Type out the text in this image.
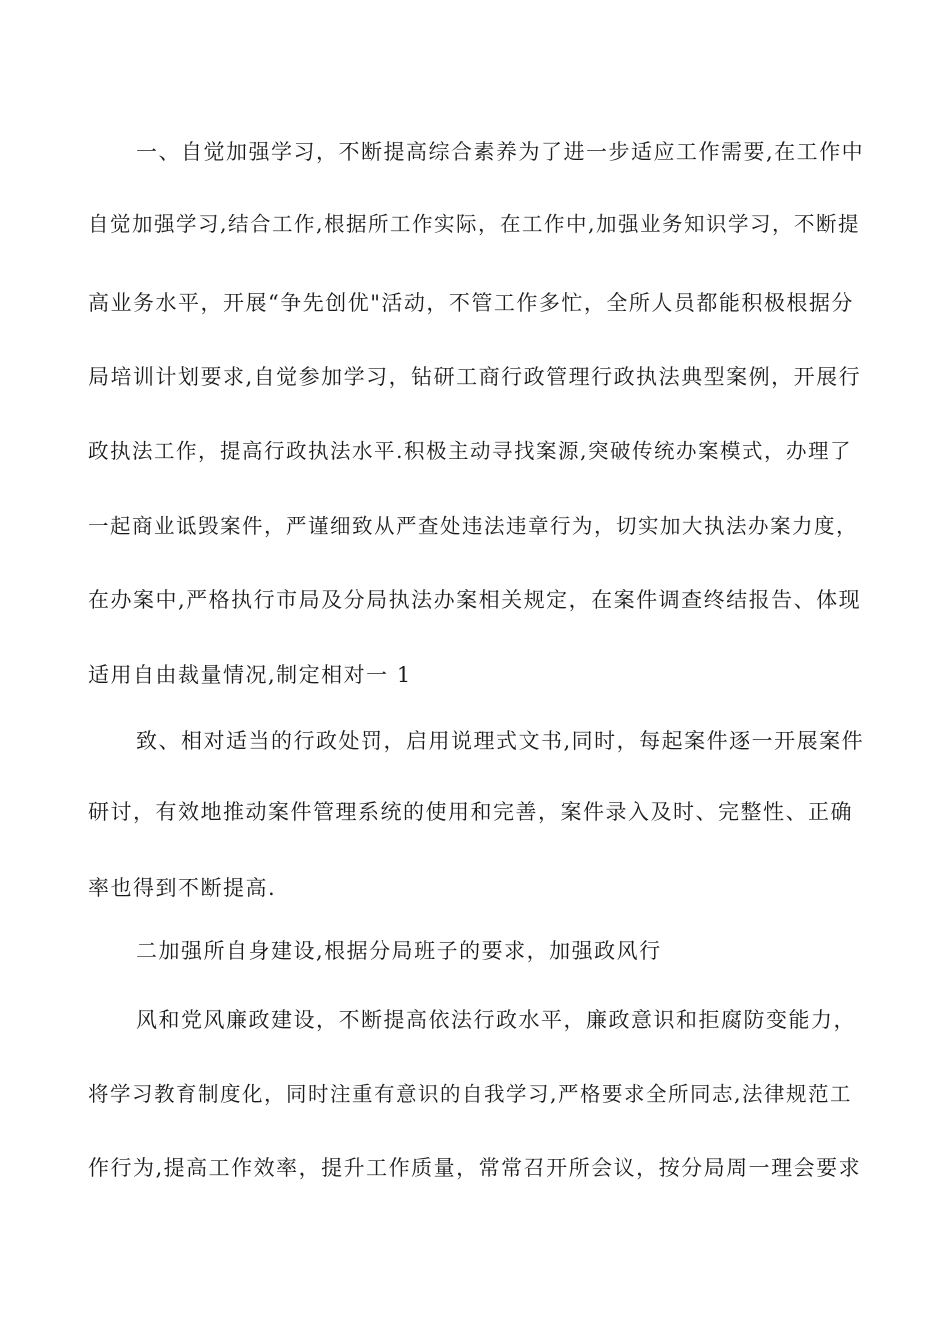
一、自觉加强学习，不断提高综合素养为了进一步适应工作需要,在工作中
自觉加强学习,结合工作,根据所工作实际，在工作中,加强业务知识学习，不断提
高业务水平，开展“争先创优"活动，不管工作多忙，全所人员都能积极根据分
局培训计划要求,自觉参加学习，钻研工商行政管理行政执法典型案例，开展行
政执法工作，提高行政执法水平.积极主动寻找案源,突破传统办案模式，办理了
一起商业诋毁案件，严谨细致从严查处违法违章行为，切实加大执法办案力度，
在办案中,严格执行市局及分局执法办案相关规定，在案件调查终结报告、体现
适用自由裁量情况,制定相对一 1
致、相对适当的行政处罚，启用说理式文书,同时，每起案件逐一开展案件
研讨，有效地推动案件管理系统的使用和完善，案件录入及时、完整性、正确
率也得到不断提高.
二加强所自身建设,根据分局班子的要求，加强政风行
风和党风廉政建设，不断提高依法行政水平，廉政意识和拒腐防变能力，
将学习教育制度化，同时注重有意识的自我学习,严格要求全所同志,法律规范工
作行为,提高工作效率，提升工作质量，常常召开所会议，按分局周一理会要求
